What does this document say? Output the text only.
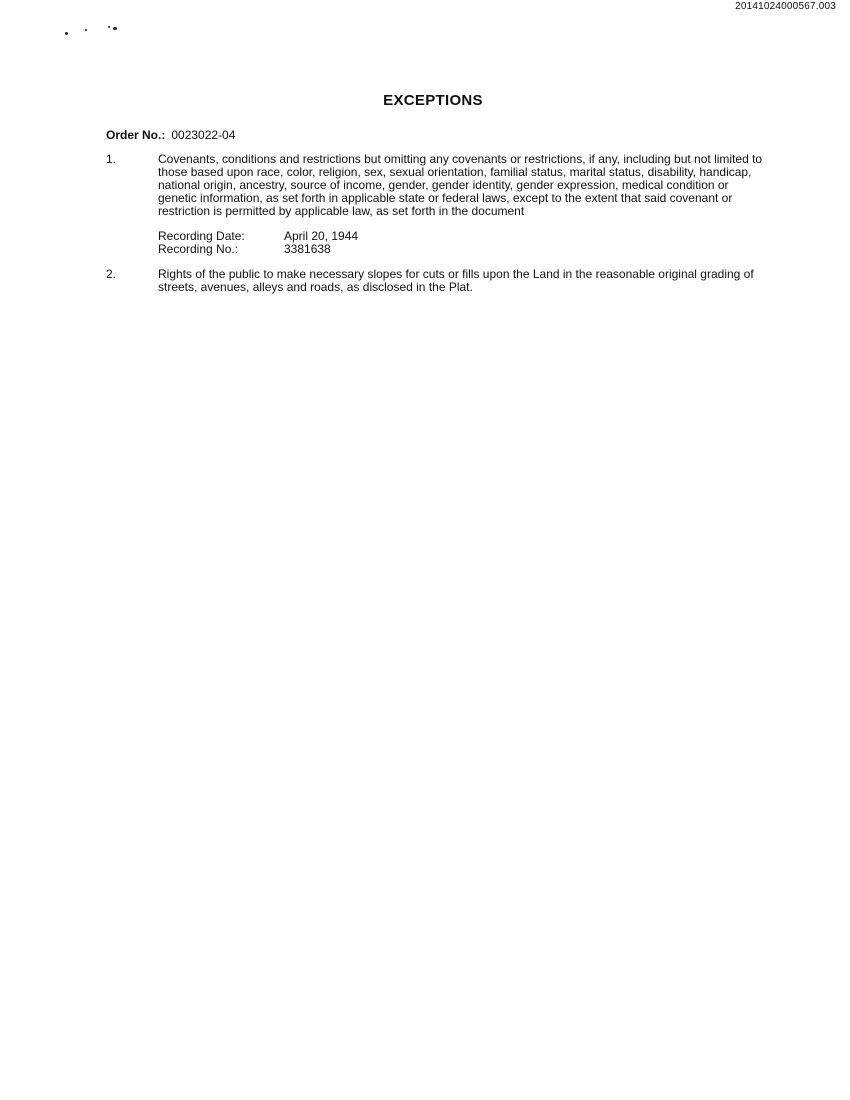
20141024000567.003
EXCEPTIONS
Order No.: 0023022-04
1.	Covenants, conditions and restrictions but omitting any covenants or restrictions, if any, including but not limited to those based upon race, color, religion, sex, sexual orientation, familial status, marital status, disability, handicap, national origin, ancestry, source of income, gender, gender identity, gender expression, medical condition or genetic information, as set forth in applicable state or federal laws, except to the extent that said covenant or restriction is permitted by applicable law, as set forth in the document
Recording Date:	April 20, 1944
Recording No.:	3381638
2.	Rights of the public to make necessary slopes for cuts or fills upon the Land in the reasonable original grading of streets, avenues, alleys and roads, as disclosed in the Plat.
